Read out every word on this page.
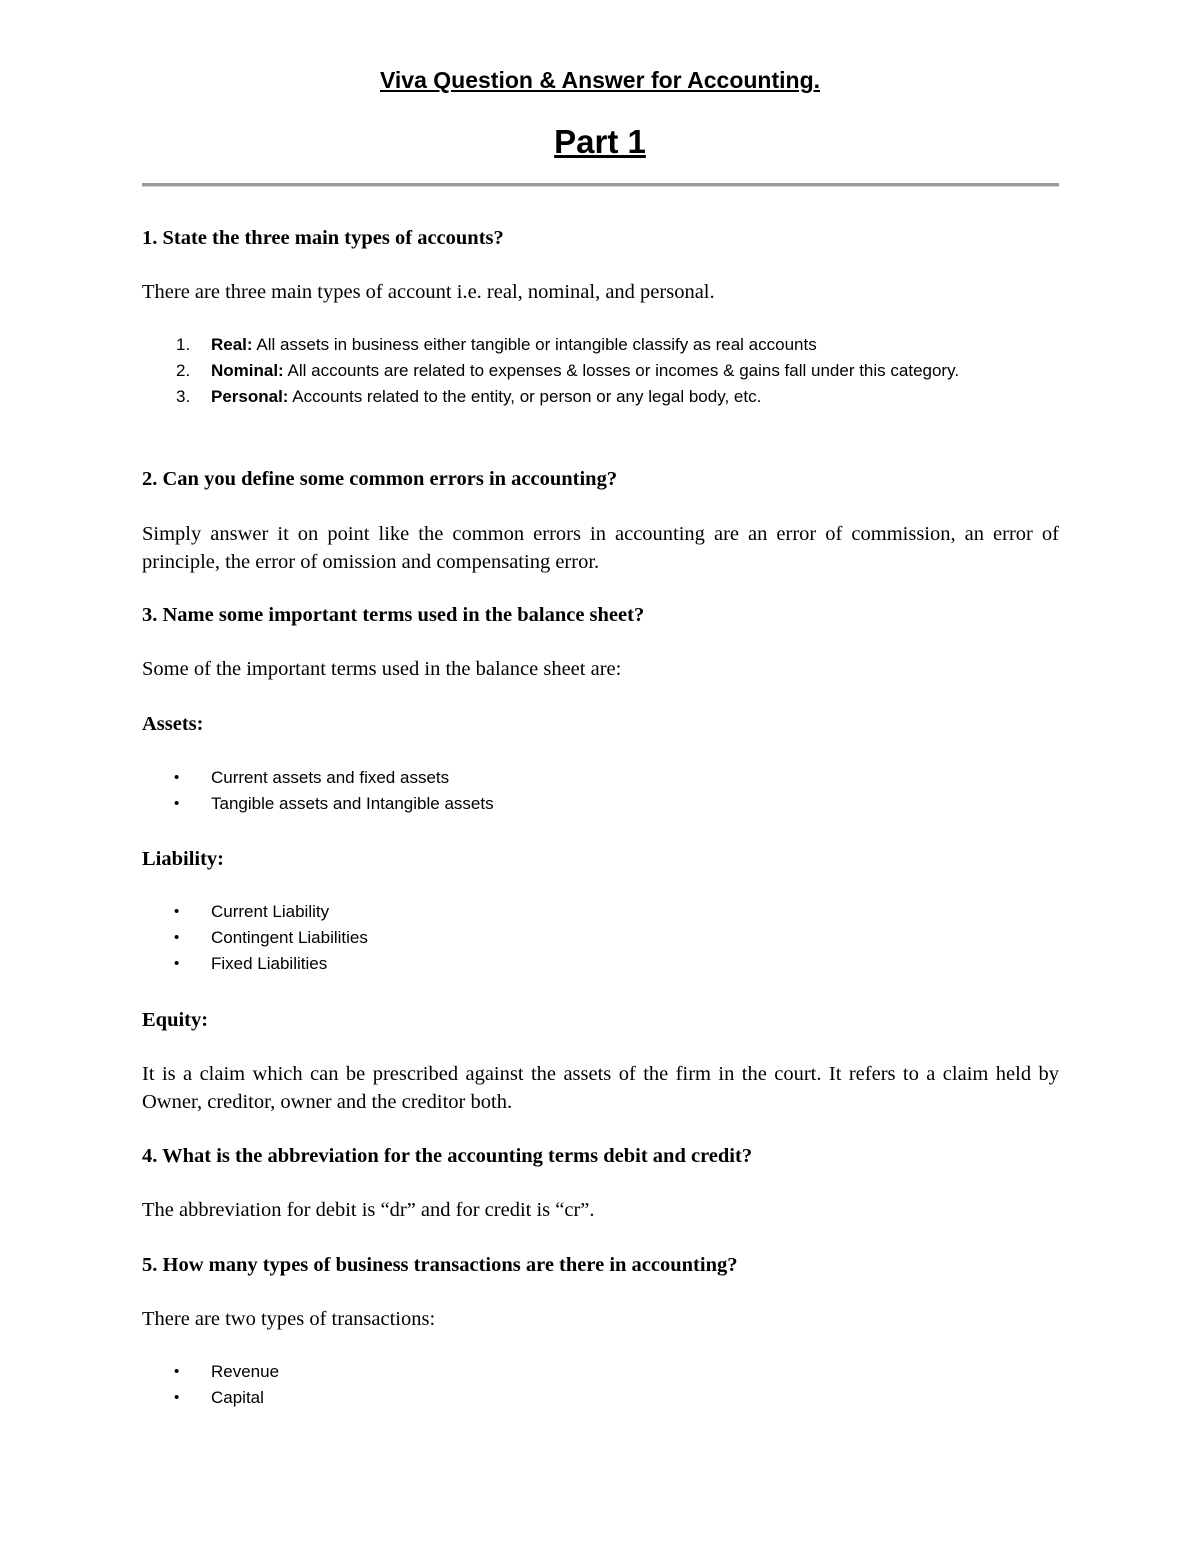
Viva Question & Answer for Accounting.
Part 1
1. State the three main types of accounts?
There are three main types of account i.e. real, nominal, and personal.
1. Real: All assets in business either tangible or intangible classify as real accounts
2. Nominal: All accounts are related to expenses & losses or incomes & gains fall under this category.
3. Personal: Accounts related to the entity, or person or any legal body, etc.
2. Can you define some common errors in accounting?
Simply answer it on point like the common errors in accounting are an error of commission, an error of principle, the error of omission and compensating error.
3. Name some important terms used in the balance sheet?
Some of the important terms used in the balance sheet are:
Assets:
• Current assets and fixed assets
• Tangible assets and Intangible assets
Liability:
• Current Liability
• Contingent Liabilities
• Fixed Liabilities
Equity:
It is a claim which can be prescribed against the assets of the firm in the court. It refers to a claim held by Owner, creditor, owner and the creditor both.
4. What is the abbreviation for the accounting terms debit and credit?
The abbreviation for debit is “dr” and for credit is “cr”.
5. How many types of business transactions are there in accounting?
There are two types of transactions:
• Revenue
• Capital
